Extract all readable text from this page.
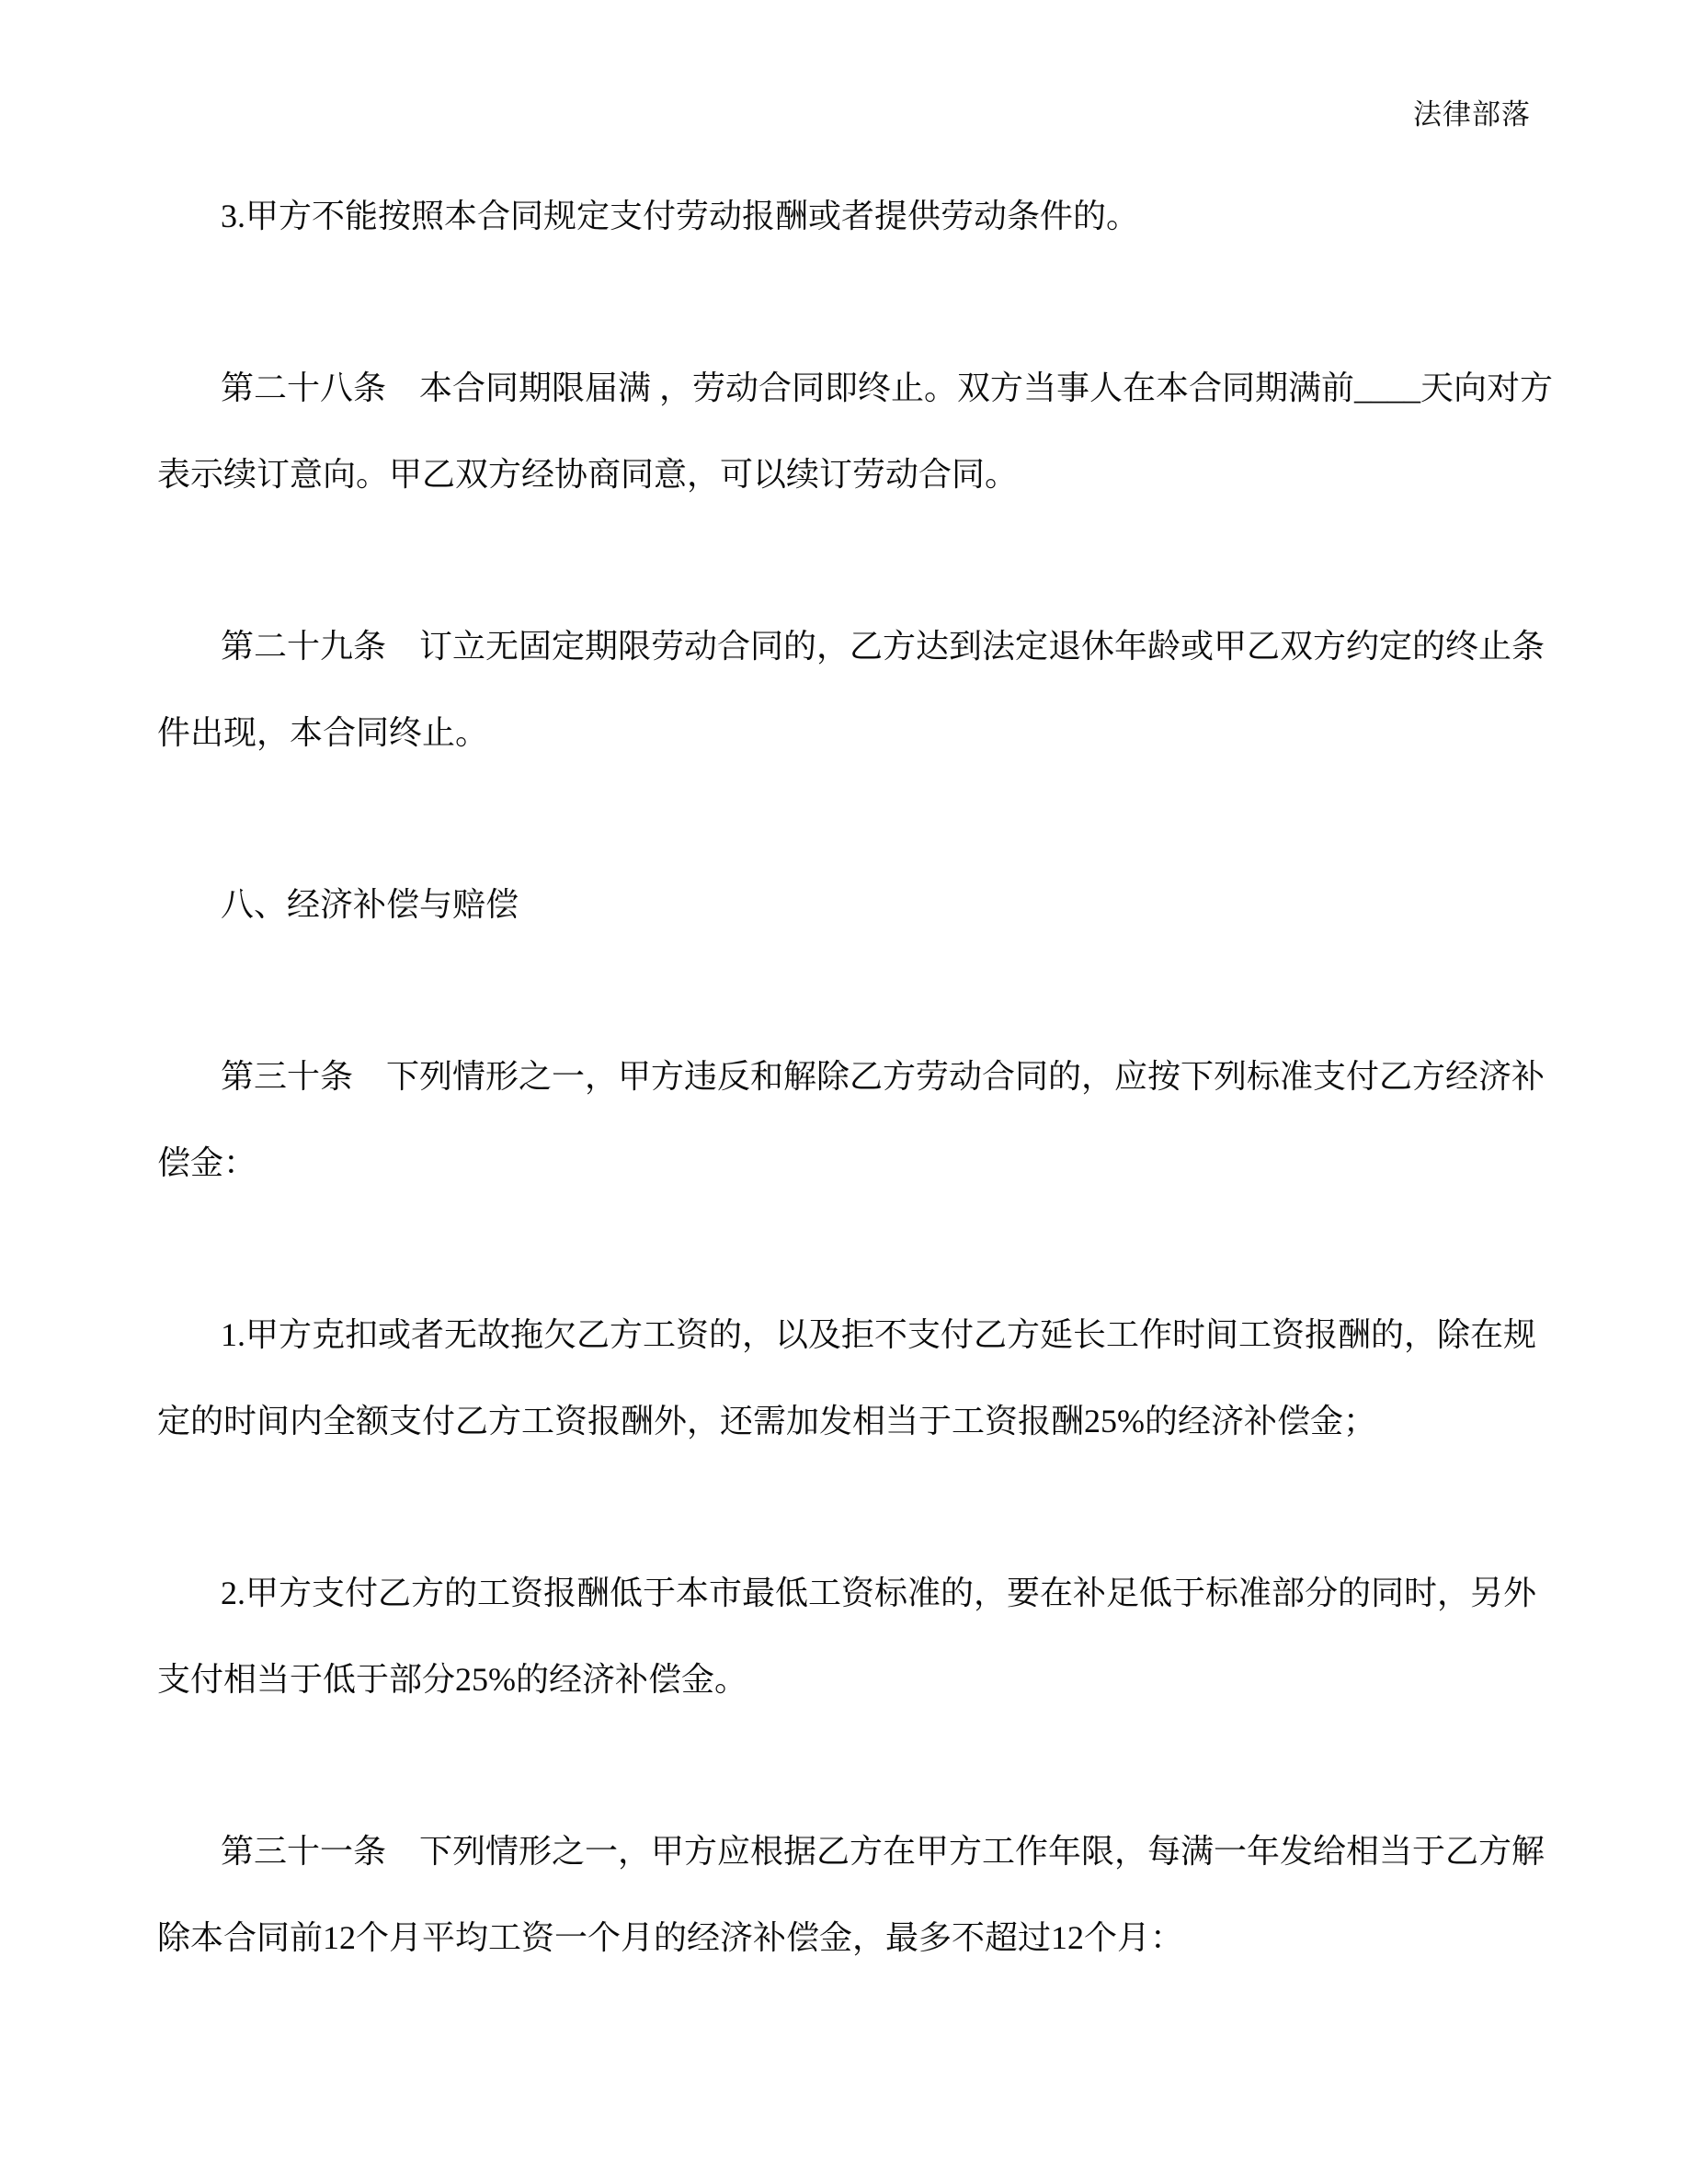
法律部落
3.甲方不能按照本合同规定支付劳动报酬或者提供劳动条件的。
第二十八条　本合同期限届满 ，劳动合同即终止。双方当事人在本合同期满前____天向对方
表示续订意向。甲乙双方经协商同意，可以续订劳动合同。
第二十九条　订立无固定期限劳动合同的，乙方达到法定退休年龄或甲乙双方约定的终止条
件出现，本合同终止。
八、经济补偿与赔偿
第三十条　下列情形之一，甲方违反和解除乙方劳动合同的，应按下列标准支付乙方经济补
偿金：
1.甲方克扣或者无故拖欠乙方工资的，以及拒不支付乙方延长工作时间工资报酬的，除在规
定的时间内全额支付乙方工资报酬外，还需加发相当于工资报酬25%的经济补偿金；
2.甲方支付乙方的工资报酬低于本市最低工资标准的，要在补足低于标准部分的同时，另外
支付相当于低于部分25%的经济补偿金。
第三十一条　下列情形之一，甲方应根据乙方在甲方工作年限，每满一年发给相当于乙方解
除本合同前12个月平均工资一个月的经济补偿金，最多不超过12个月：
